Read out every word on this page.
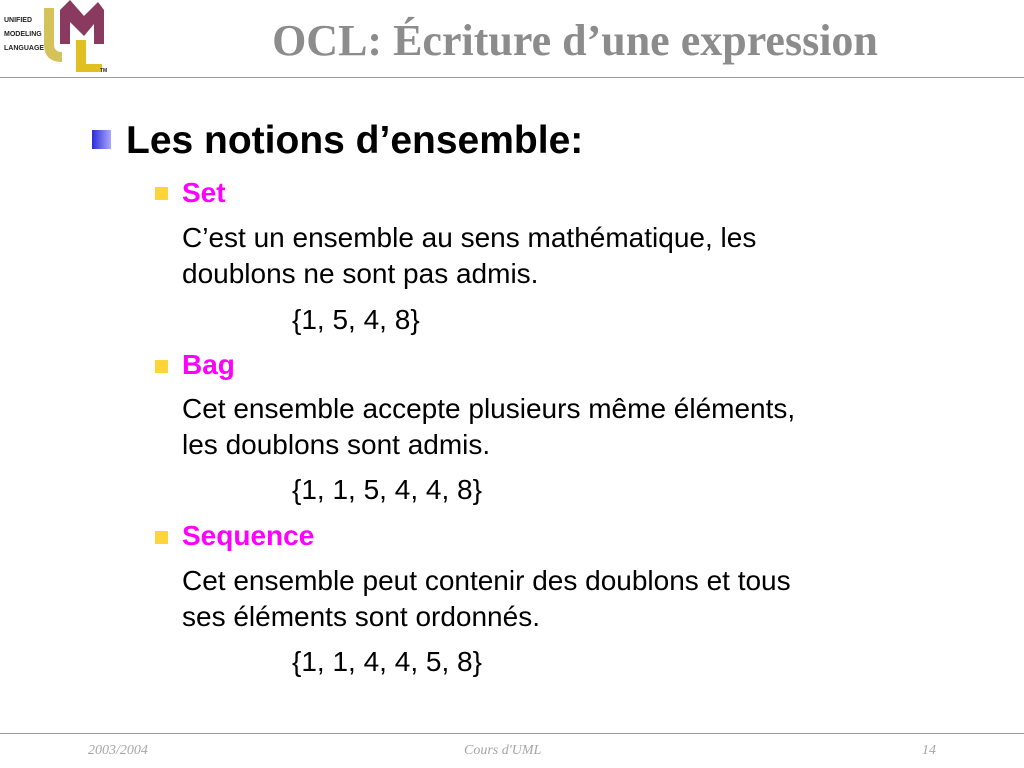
UNIFIED
MODELING
LANGUAGE
TM
OCL: Écriture d’une expression
Les notions d’ensemble:
Set
C’est un ensemble au sens mathématique, les
doublons ne sont pas admis.
{1, 5, 4, 8}
Bag
Cet ensemble accepte plusieurs même éléments,
les doublons sont admis.
{1, 1, 5, 4, 4, 8}
Sequence
Cet ensemble peut contenir des doublons et tous
ses éléments sont ordonnés.
{1, 1, 4, 4, 5, 8}
2003/2004	Cours d'UML	14
